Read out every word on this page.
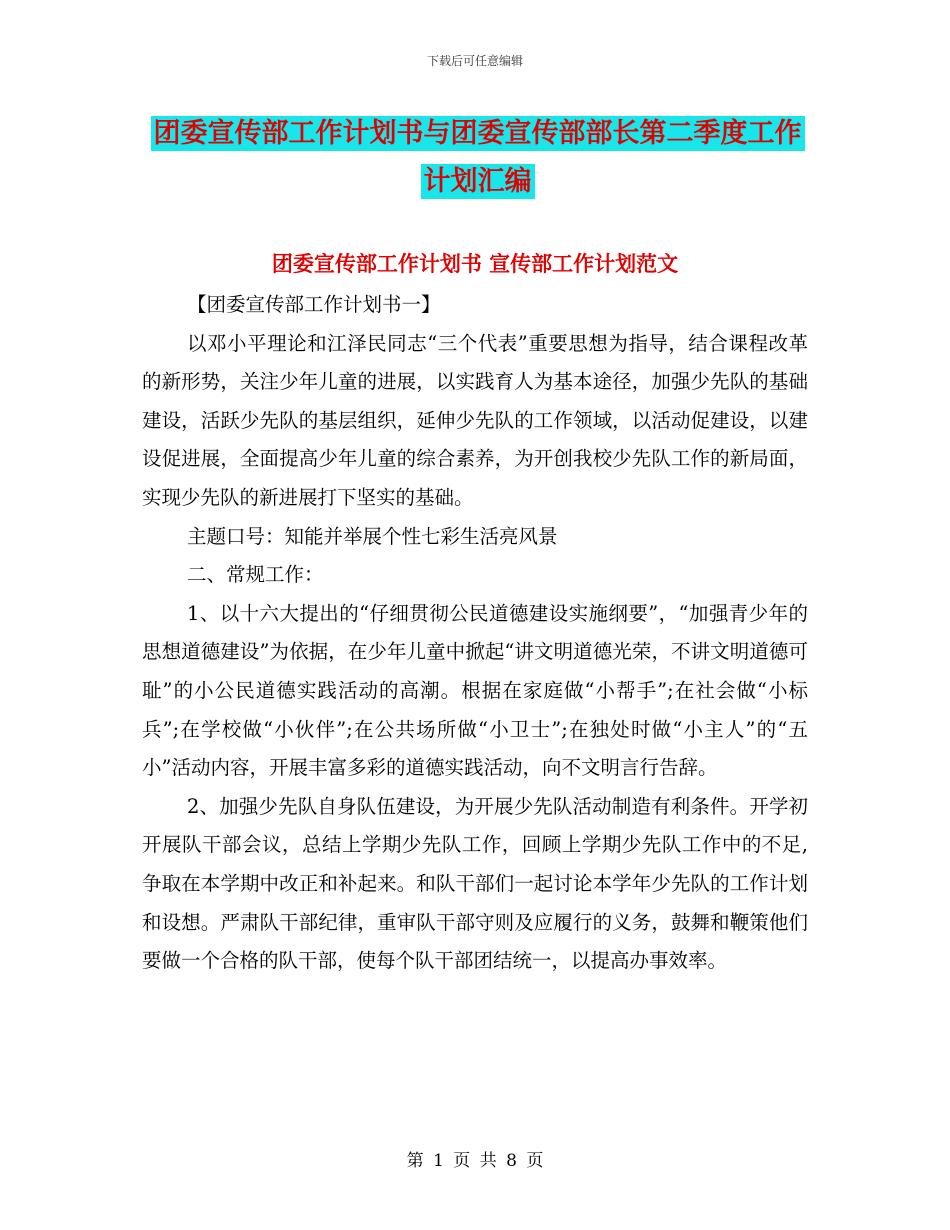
下载后可任意编辑
团委宣传部工作计划书与团委宣传部部长第二季度工作计划汇编
团委宣传部工作计划书 宣传部工作计划范文

【团委宣传部工作计划书一】

以邓小平理论和江泽民同志“三个代表”重要思想为指导，结合课程改革的新形势，关注少年儿童的进展，以实践育人为基本途径，加强少先队的基础建设，活跃少先队的基层组织，延伸少先队的工作领域，以活动促建设，以建设促进展，全面提高少年儿童的综合素养，为开创我校少先队工作的新局面，实现少先队的新进展打下坚实的基础。

主题口号：知能并举展个性七彩生活亮风景

二、常规工作：

1、以十六大提出的“仔细贯彻公民道德建设实施纲要”，“加强青少年的思想道德建设”为依据，在少年儿童中掀起“讲文明道德光荣，不讲文明道德可耻”的小公民道德实践活动的高潮。根据在家庭做“小帮手”;在社会做“小标兵”;在学校做“小伙伴”;在公共场所做“小卫士”;在独处时做“小主人”的“五小”活动内容，开展丰富多彩的道德实践活动，向不文明言行告辞。

2、加强少先队自身队伍建设，为开展少先队活动制造有利条件。开学初开展队干部会议，总结上学期少先队工作，回顾上学期少先队工作中的不足,争取在本学期中改正和补起来。和队干部们一起讨论本学年少先队的工作计划和设想。严肃队干部纪律，重审队干部守则及应履行的义务，鼓舞和鞭策他们要做一个合格的队干部，使每个队干部团结统一，以提高办事效率。

第 1 页 共 8 页
